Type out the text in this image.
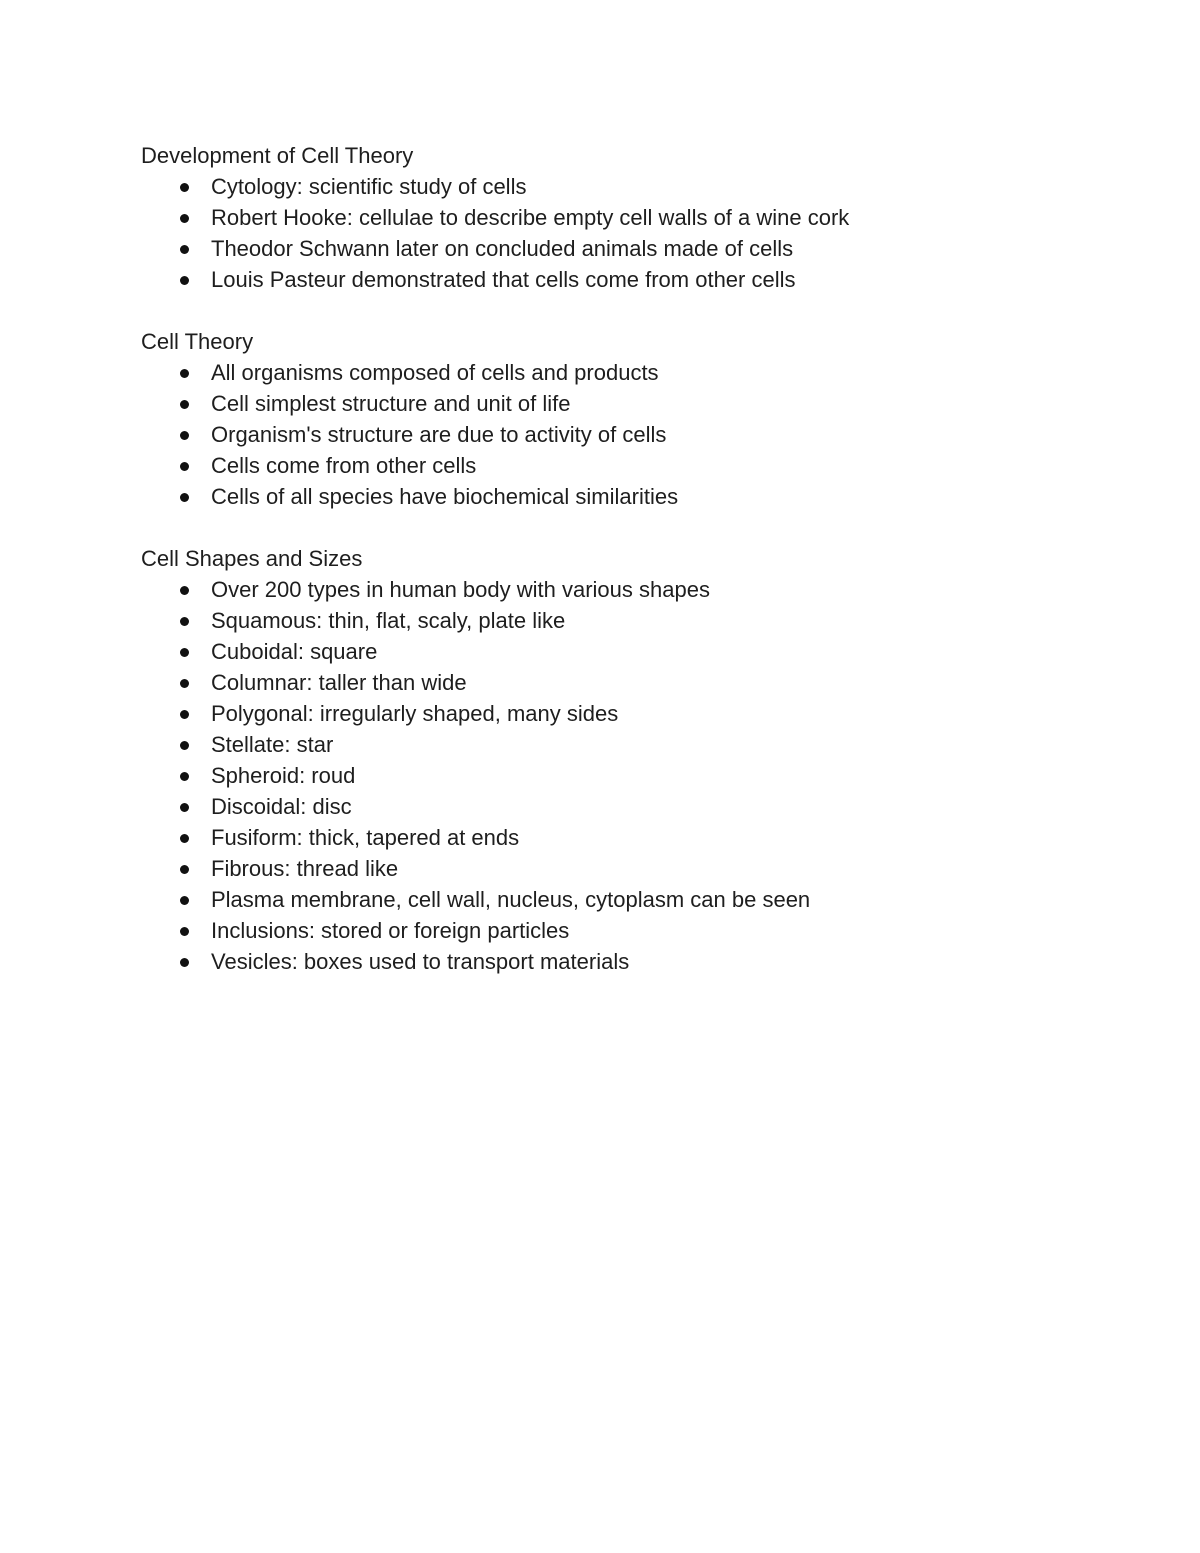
Development of Cell Theory
Cytology: scientific study of cells
Robert Hooke: cellulae to describe empty cell walls of a wine cork
Theodor Schwann later on concluded animals made of cells
Louis Pasteur demonstrated that cells come from other cells
Cell Theory
All organisms composed of cells and products
Cell simplest structure and unit of life
Organism's structure are due to activity of cells
Cells come from other cells
Cells of all species have biochemical similarities
Cell Shapes and Sizes
Over 200 types in human body with various shapes
Squamous: thin, flat, scaly, plate like
Cuboidal: square
Columnar: taller than wide
Polygonal: irregularly shaped, many sides
Stellate: star
Spheroid: roud
Discoidal: disc
Fusiform: thick, tapered at ends
Fibrous: thread like
Plasma membrane, cell wall, nucleus, cytoplasm can be seen
Inclusions: stored or foreign particles
Vesicles: boxes used to transport materials
